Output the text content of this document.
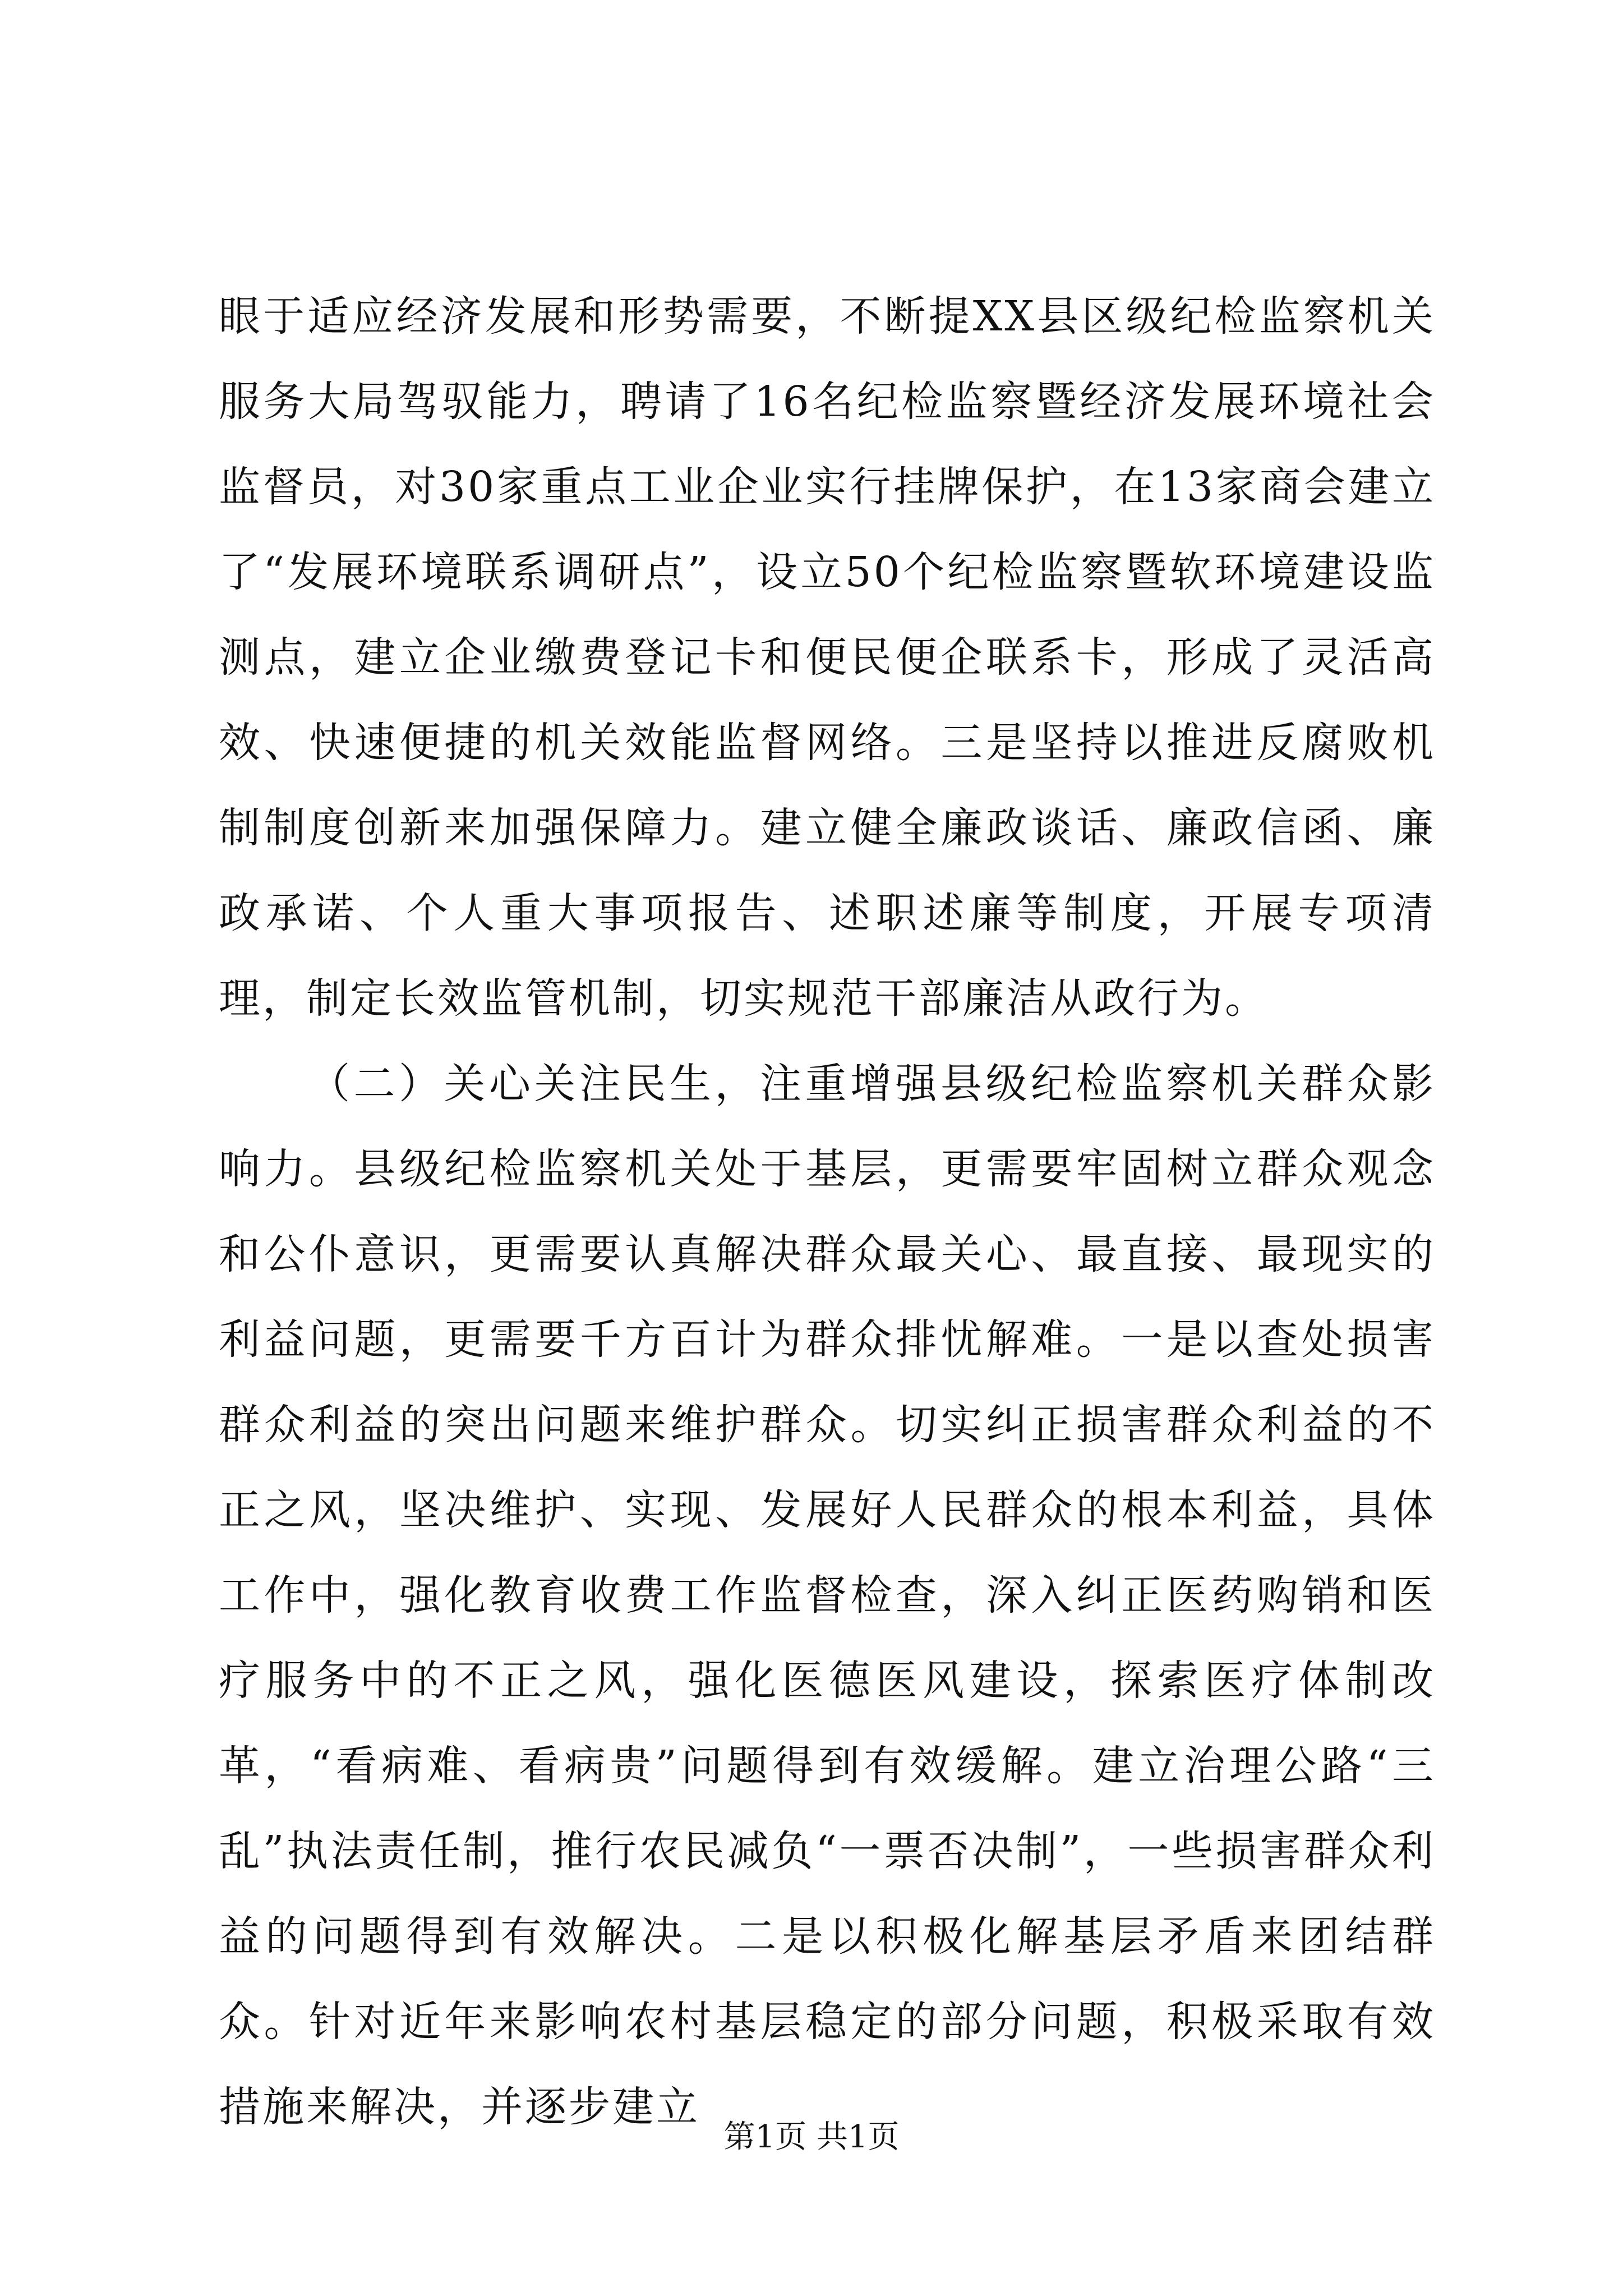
眼于适应经济发展和形势需要，不断提XX县区级纪检监察机关服务大局驾驭能力，聘请了16名纪检监察暨经济发展环境社会监督员，对30家重点工业企业实行挂牌保护，在13家商会建立了“发展环境联系调研点”，设立50个纪检监察暨软环境建设监测点，建立企业缴费登记卡和便民便企联系卡，形成了灵活高效、快速便捷的机关效能监督网络。三是坚持以推进反腐败机制制度创新来加强保障力。建立健全廉政谈话、廉政信函、廉政承诺、个人重大事项报告、述职述廉等制度，开展专项清理，制定长效监管机制，切实规范干部廉洁从政行为。

（二）关心关注民生，注重增强县级纪检监察机关群众影响力。县级纪检监察机关处于基层，更需要牢固树立群众观念和公仆意识，更需要认真解决群众最关心、最直接、最现实的利益问题，更需要千方百计为群众排忧解难。一是以查处损害群众利益的突出问题来维护群众。切实纠正损害群众利益的不正之风，坚决维护、实现、发展好人民群众的根本利益，具体工作中，强化教育收费工作监督检查，深入纠正医药购销和医疗服务中的不正之风，强化医德医风建设，探索医疗体制改革，“看病难、看病贵”问题得到有效缓解。建立治理公路“三乱”执法责任制，推行农民减负“一票否决制”，一些损害群众利益的问题得到有效解决。二是以积极化解基层矛盾来团结群众。针对近年来影响农村基层稳定的部分问题，积极采取有效措施来解决，并逐步建立

第1页 共1页
